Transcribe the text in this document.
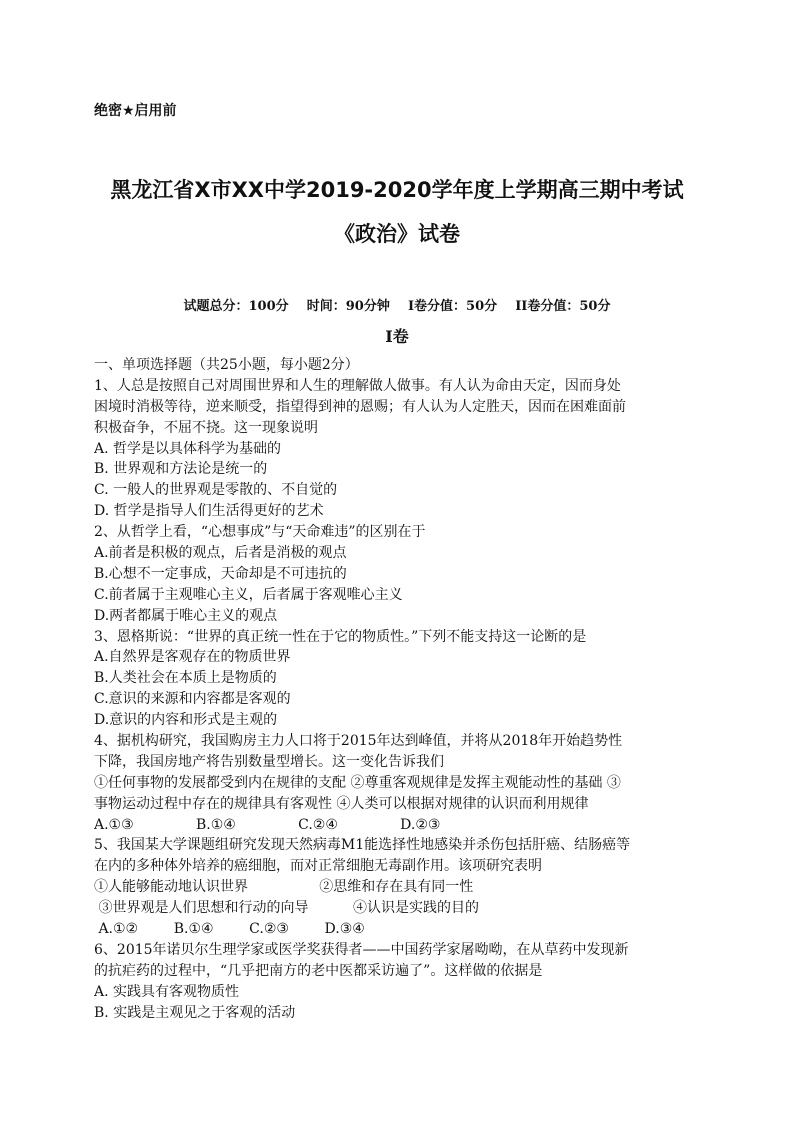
绝密★启用前
黑龙江省X市XX中学2019-2020学年度上学期高三期中考试
《政治》试卷
试题总分：100分    时间：90分钟    I卷分值：50分    II卷分值：50分
I卷
一、单项选择题（共25小题，每小题2分）
1、人总是按照自己对周围世界和人生的理解做人做事。有人认为命由天定，因而身处
困境时消极等待，逆来顺受，指望得到神的恩赐；有人认为人定胜天，因而在困难面前
积极奋争，不屈不挠。这一现象说明
A. 哲学是以具体科学为基础的
B. 世界观和方法论是统一的
C. 一般人的世界观是零散的、不自觉的
D. 哲学是指导人们生活得更好的艺术
2、从哲学上看，“心想事成”与“天命难违”的区别在于
A.前者是积极的观点，后者是消极的观点
B.心想不一定事成，天命却是不可违抗的
C.前者属于主观唯心主义，后者属于客观唯心主义
D.两者都属于唯心主义的观点
3、恩格斯说：“世界的真正统一性在于它的物质性。”下列不能支持这一论断的是
A.自然界是客观存在的物质世界
B.人类社会在本质上是物质的
C.意识的来源和内容都是客观的
D.意识的内容和形式是主观的
4、据机构研究，我国购房主力人口将于2015年达到峰值，并将从2018年开始趋势性
下降，我国房地产将告别数量型增长。这一变化告诉我们
①任何事物的发展都受到内在规律的支配 ②尊重客观规律是发挥主观能动性的基础 ③
事物运动过程中存在的规律具有客观性 ④人类可以根据对规律的认识而利用规律
A.①③              B.①④              C.②④              D.②③
5、我国某大学课题组研究发现天然病毒M1能选择性地感染并杀伤包括肝癌、结肠癌等
在内的多种体外培养的癌细胞，而对正常细胞无毒副作用。该项研究表明
①人能够能动地认识世界                ②思维和存在具有同一性
③世界观是人们思想和行动的向导          ④认识是实践的目的
A.①②        B.①④        C.②③        D.③④
6、2015年诺贝尔生理学家或医学奖获得者——中国药学家屠呦呦，在从草药中发现新
的抗疟药的过程中，“几乎把南方的老中医都采访遍了”。这样做的依据是
A. 实践具有客观物质性
B. 实践是主观见之于客观的活动
